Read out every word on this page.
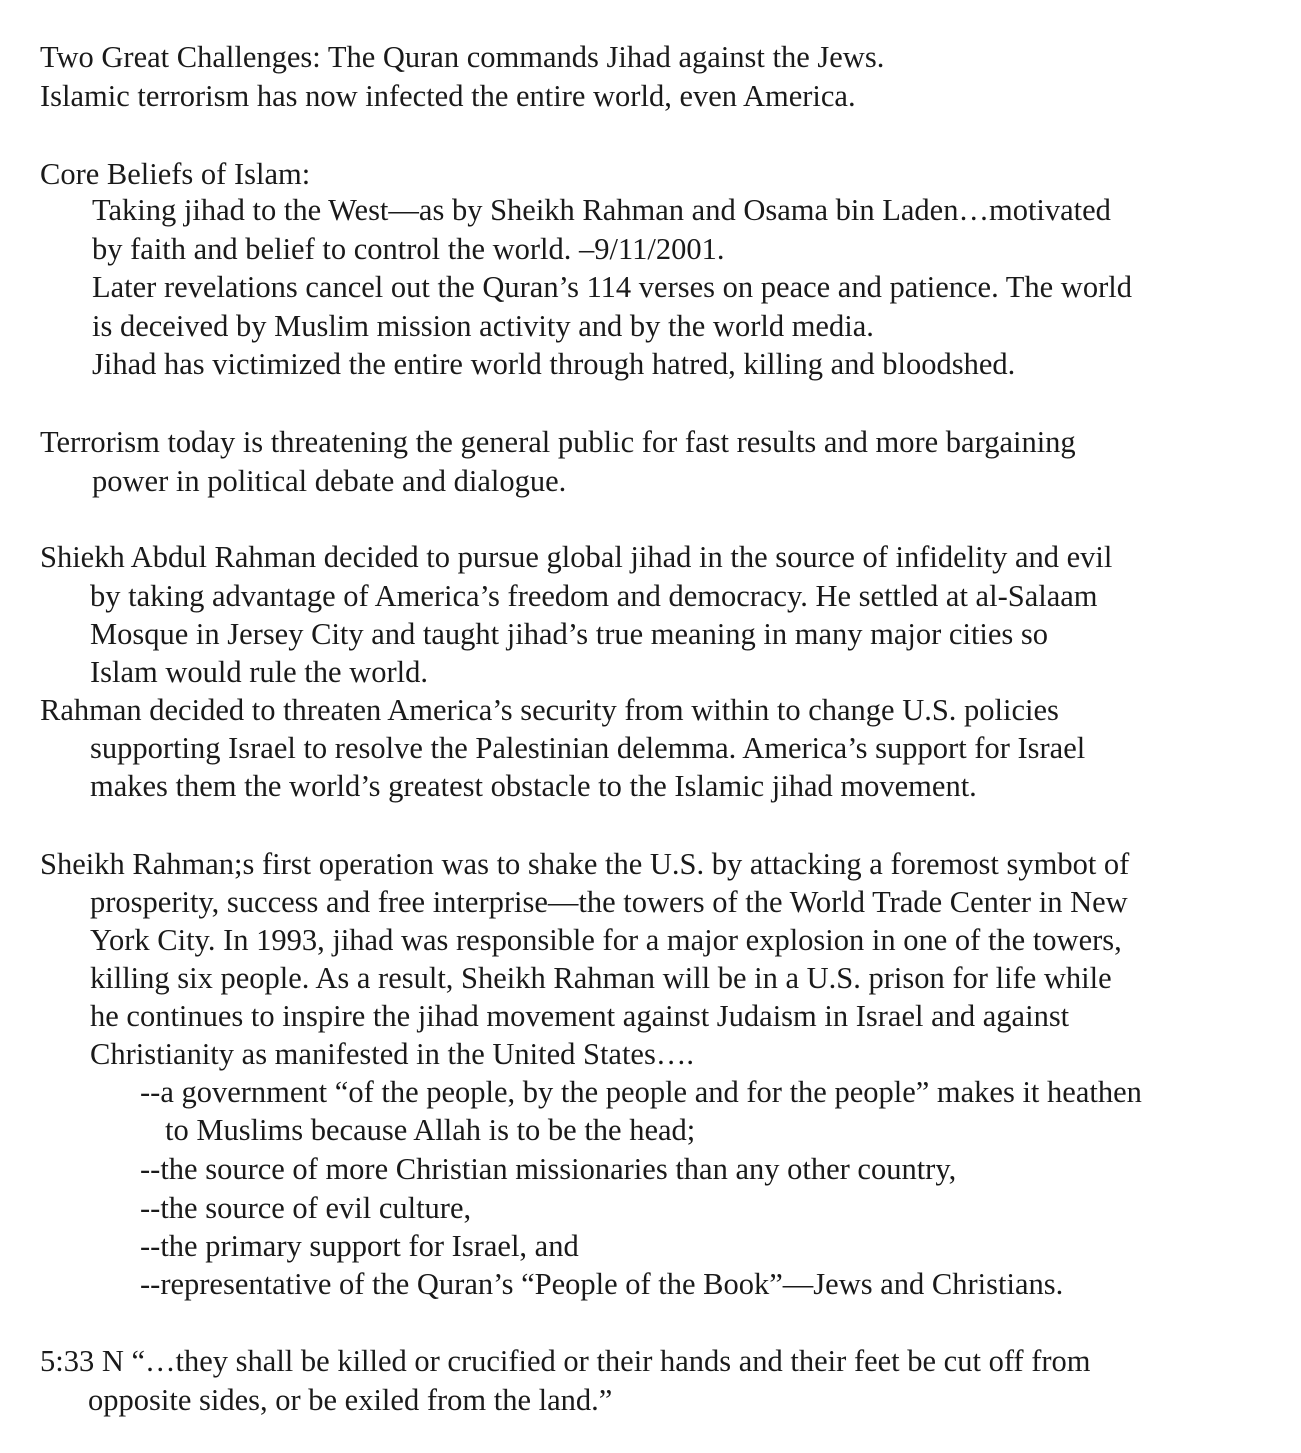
Two Great Challenges: The Quran commands Jihad against the Jews.
Islamic terrorism has now infected the entire world, even America.
Core Beliefs of Islam:
Taking jihad to the West—as by Sheikh Rahman and Osama bin Laden…motivated
by faith and belief to control the world. –9/11/2001.
Later revelations cancel out the Quran’s 114 verses on peace and patience. The world
is deceived by Muslim mission activity and by the world media.
Jihad has victimized the entire world through hatred, killing and bloodshed.
Terrorism today is threatening the general public for fast results and more bargaining
power in political debate and dialogue.
Shiekh Abdul Rahman decided to pursue global jihad in the source of infidelity and evil
by taking advantage of America’s freedom and democracy. He settled at al-Salaam
Mosque in Jersey City and taught jihad’s true meaning in many major cities so
Islam would rule the world.
Rahman decided to threaten America’s security from within to change U.S. policies
supporting Israel to resolve the Palestinian delemma. America’s support for Israel
makes them the world’s greatest obstacle to the Islamic jihad movement.
Sheikh Rahman;s first operation was to shake the U.S. by attacking a foremost symbot of
prosperity, success and free interprise—the towers of the World Trade Center in New
York City. In 1993, jihad was responsible for a major explosion in one of the towers,
killing six people. As a result, Sheikh Rahman will be in a U.S. prison for life while
he continues to inspire the jihad movement against Judaism in Israel and against
Christianity as manifested in the United States….
--a government “of the people, by the people and for the people” makes it heathen
to Muslims because Allah is to be the head;
--the source of more Christian missionaries than any other country,
--the source of evil culture,
--the primary support for Israel, and
--representative of the Quran’s “People of the Book”—Jews and Christians.
5:33 N “…they shall be killed or crucified or their hands and their feet be cut off from
opposite sides, or be exiled from the land.”
